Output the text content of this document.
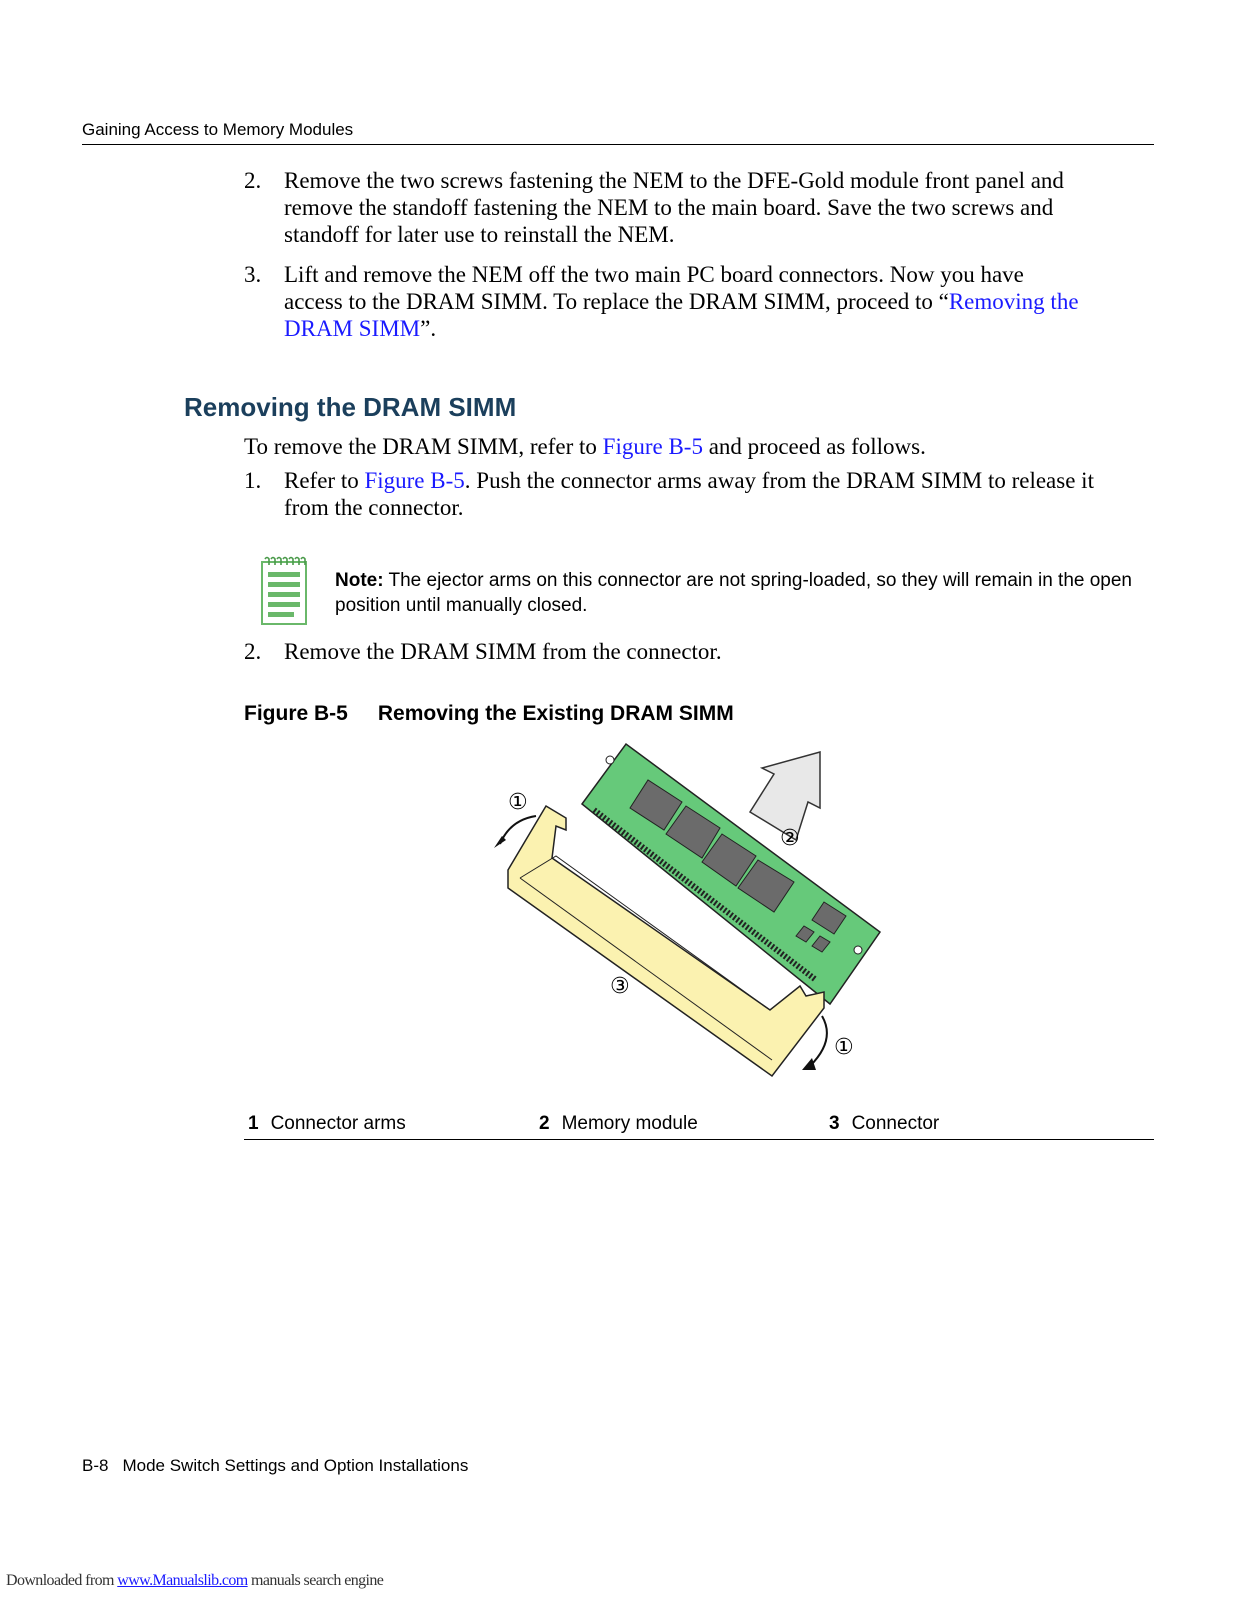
Gaining Access to Memory Modules
2. Remove the two screws fastening the NEM to the DFE-Gold module front panel and
remove the standoff fastening the NEM to the main board. Save the two screws and
standoff for later use to reinstall the NEM.
3. Lift and remove the NEM off the two main PC board connectors. Now you have
access to the DRAM SIMM. To replace the DRAM SIMM, proceed to “Removing the
DRAM SIMM”.
Removing the DRAM SIMM
To remove the DRAM SIMM, refer to Figure B-5 and proceed as follows.
1. Refer to Figure B-5. Push the connector arms away from the DRAM SIMM to release it
from the connector.
Note: The ejector arms on this connector are not spring-loaded, so they will remain in the open position until manually closed.
2. Remove the DRAM SIMM from the connector.
Figure B-5 Removing the Existing DRAM SIMM
①
②
③
①
1 Connector arms	2 Memory module	3 Connector
B-8 Mode Switch Settings and Option Installations
Downloaded from www.Manualslib.com manuals search engine
